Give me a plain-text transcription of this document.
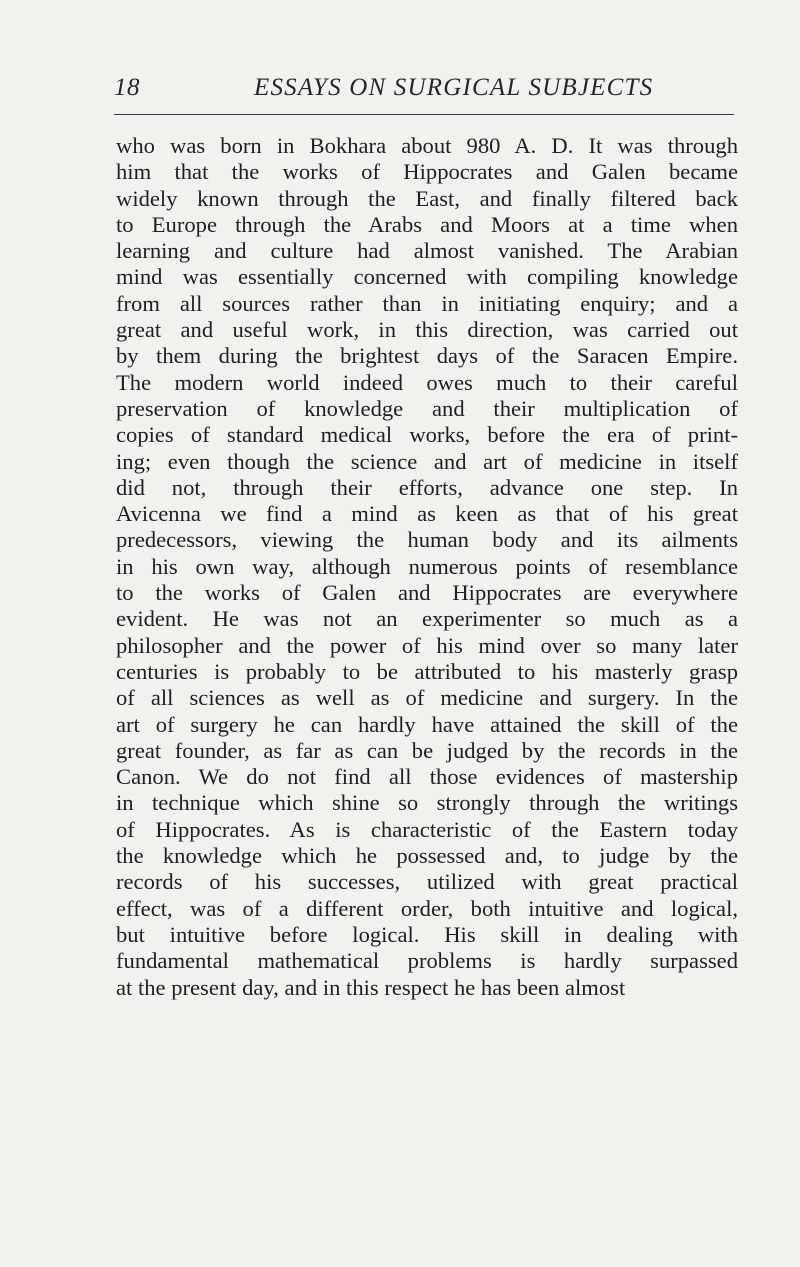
18	ESSAYS ON SURGICAL SUBJECTS
who was born in Bokhara about 980 A. D. It was through
him that the works of Hippocrates and Galen became
widely known through the East, and finally filtered back
to Europe through the Arabs and Moors at a time when
learning and culture had almost vanished. The Arabian
mind was essentially concerned with compiling knowledge
from all sources rather than in initiating enquiry; and a
great and useful work, in this direction, was carried out
by them during the brightest days of the Saracen Empire.
The modern world indeed owes much to their careful
preservation of knowledge and their multiplication of
copies of standard medical works, before the era of print-
ing; even though the science and art of medicine in itself
did not, through their efforts, advance one step. In
Avicenna we find a mind as keen as that of his great
predecessors, viewing the human body and its ailments
in his own way, although numerous points of resemblance
to the works of Galen and Hippocrates are everywhere
evident. He was not an experimenter so much as a
philosopher and the power of his mind over so many later
centuries is probably to be attributed to his masterly grasp
of all sciences as well as of medicine and surgery. In the
art of surgery he can hardly have attained the skill of the
great founder, as far as can be judged by the records in the
Canon. We do not find all those evidences of mastership
in technique which shine so strongly through the writings
of Hippocrates. As is characteristic of the Eastern today
the knowledge which he possessed and, to judge by the
records of his successes, utilized with great practical
effect, was of a different order, both intuitive and logical,
but intuitive before logical. His skill in dealing with
fundamental mathematical problems is hardly surpassed
at the present day, and in this respect he has been almost
